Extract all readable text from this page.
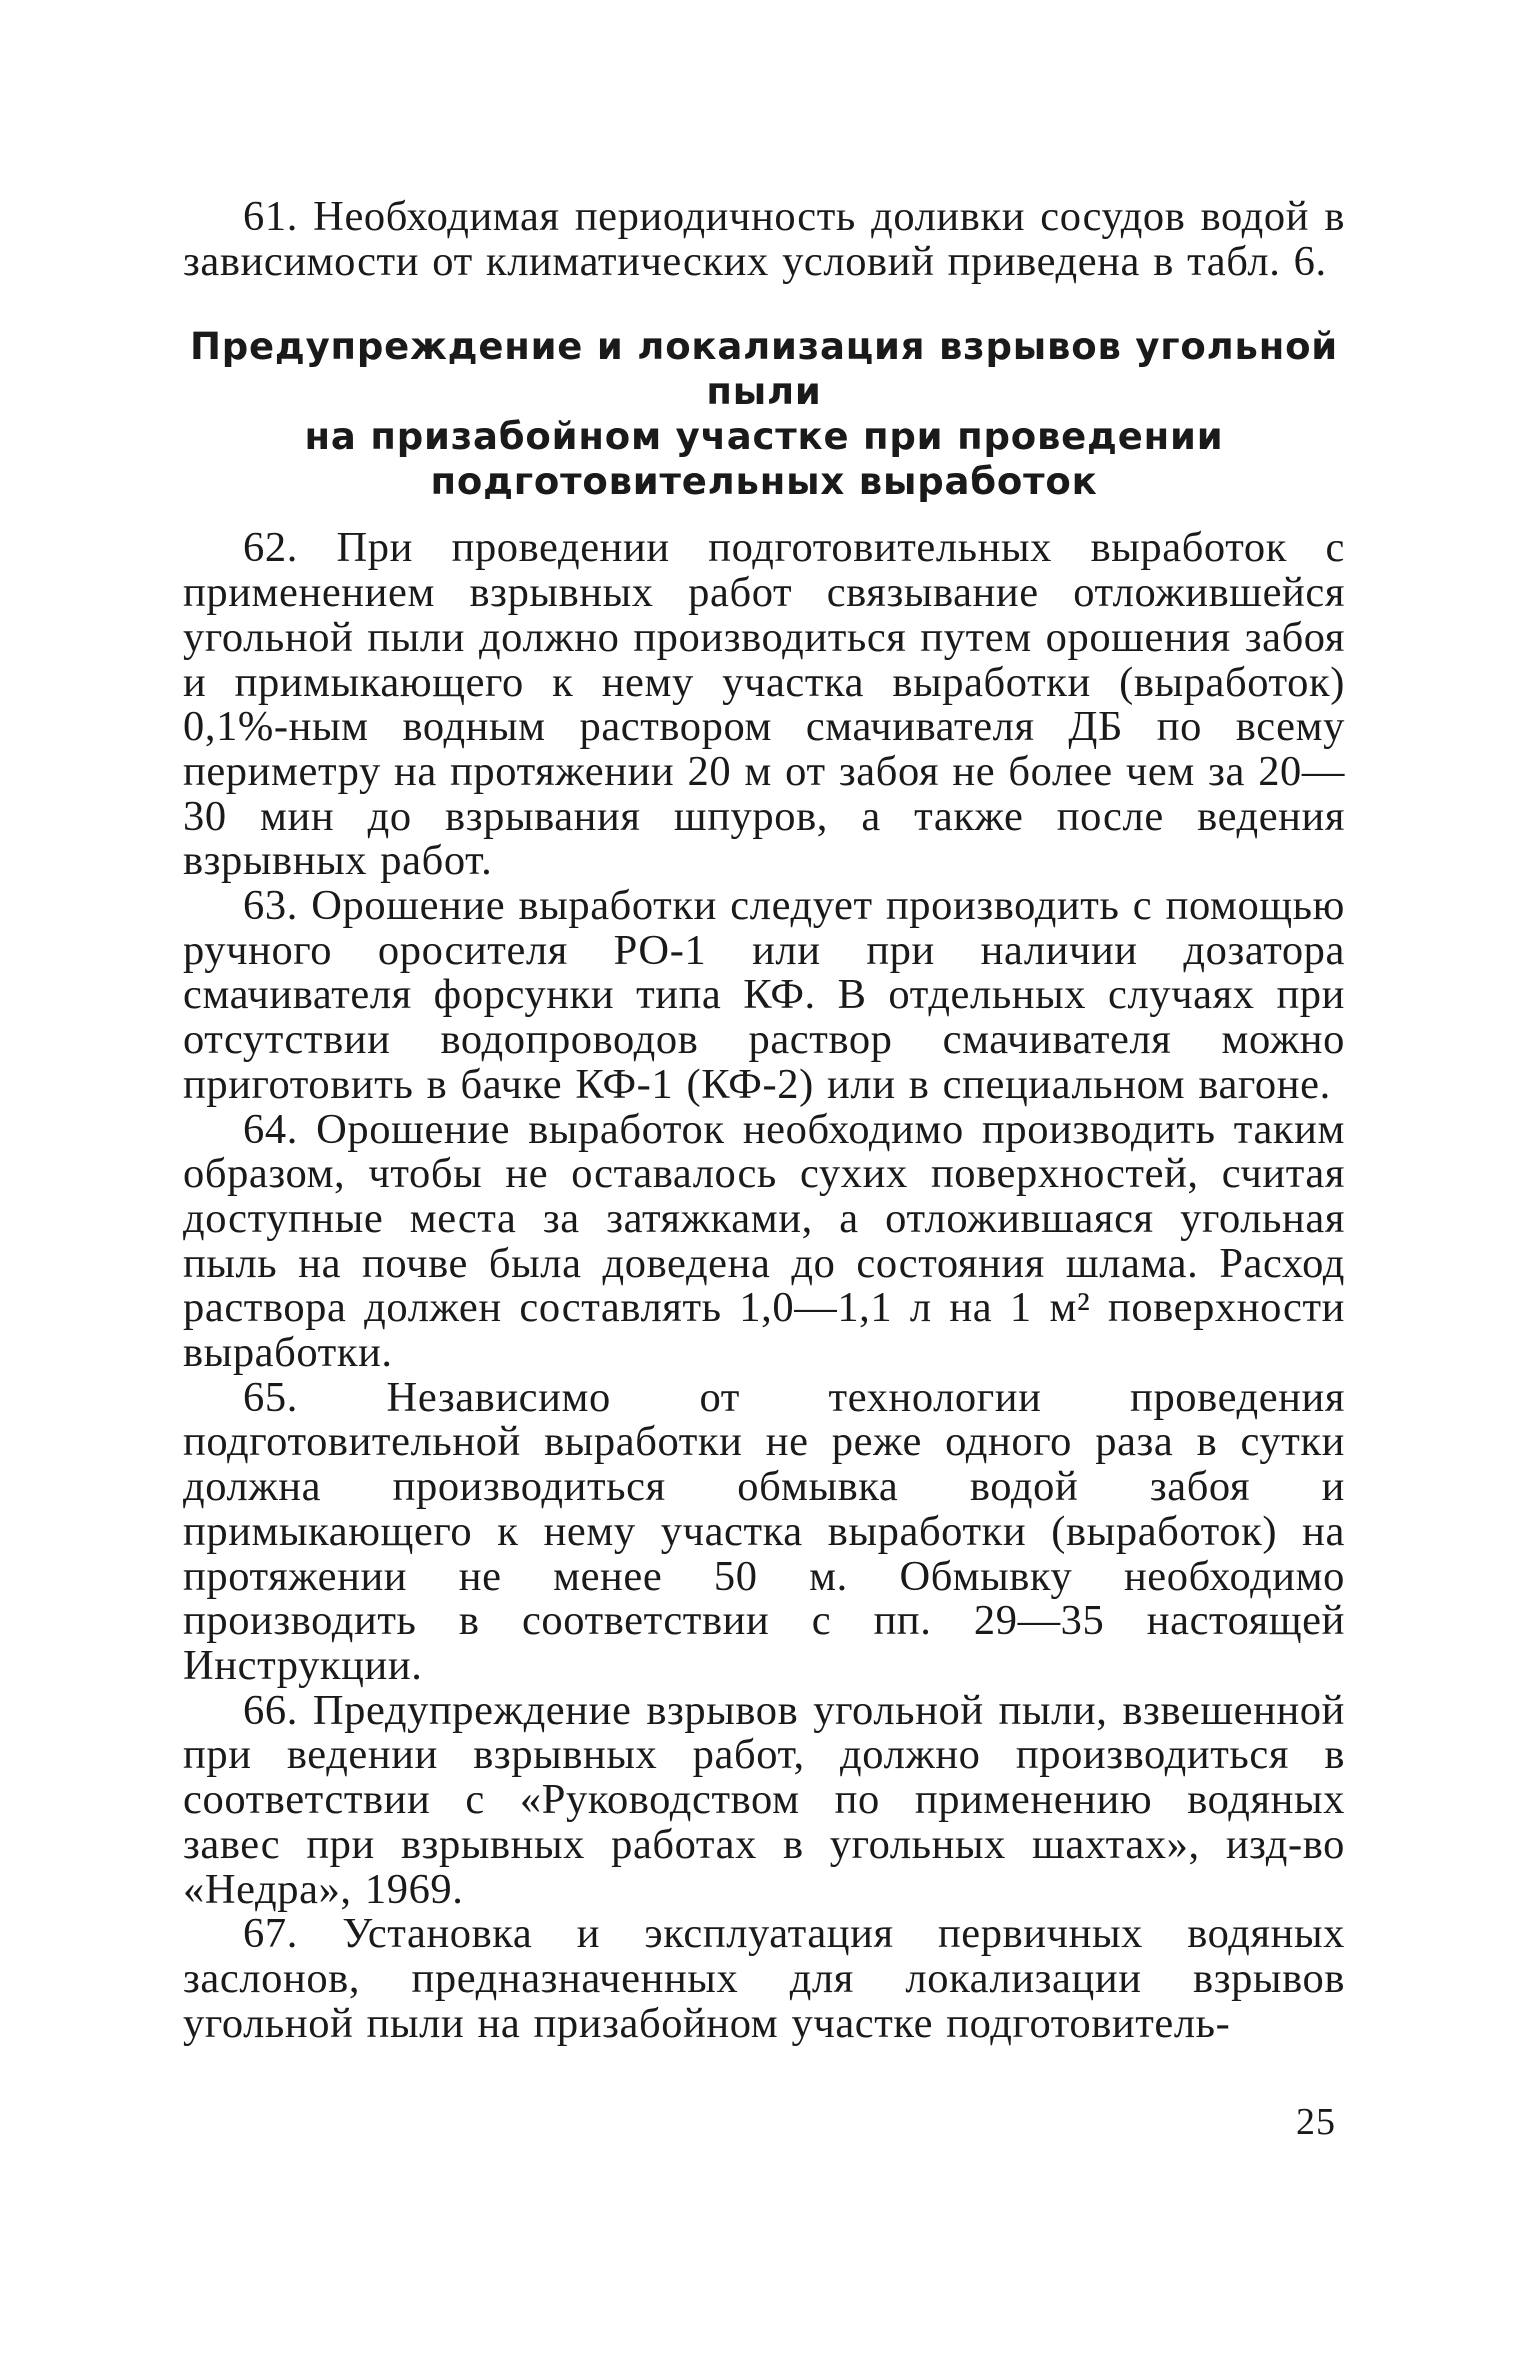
61. Необходимая периодичность доливки сосудов водой в зависимости от климатических условий приведена в табл. 6.

Предупреждение и локализация взрывов угольной пыли
на призабойном участке при проведении
подготовительных выработок

62. При проведении подготовительных выработок с применением взрывных работ связывание отложившейся угольной пыли должно производиться путем орошения забоя и примыкающего к нему участка выработки (выработок) 0,1%-ным водным раствором смачивателя ДБ по всему периметру на протяжении 20 м от забоя не более чем за 20—30 мин до взрывания шпуров, а также после ведения взрывных работ.

63. Орошение выработки следует производить с помощью ручного оросителя РО-1 или при наличии дозатора смачивателя форсунки типа КФ. В отдельных случаях при отсутствии водопроводов раствор смачивателя можно приготовить в бачке КФ-1 (КФ-2) или в специальном вагоне.

64. Орошение выработок необходимо производить таким образом, чтобы не оставалось сухих поверхностей, считая доступные места за затяжками, а отложившаяся угольная пыль на почве была доведена до состояния шлама. Расход раствора должен составлять 1,0—1,1 л на 1 м² поверхности выработки.

65. Независимо от технологии проведения подготовительной выработки не реже одного раза в сутки должна производиться обмывка водой забоя и примыкающего к нему участка выработки (выработок) на протяжении не менее 50 м. Обмывку необходимо производить в соответствии с пп. 29—35 настоящей Инструкции.

66. Предупреждение взрывов угольной пыли, взвешенной при ведении взрывных работ, должно производиться в соответствии с «Руководством по применению водяных завес при взрывных работах в угольных шахтах», изд-во «Недра», 1969.

67. Установка и эксплуатация первичных водяных заслонов, предназначенных для локализации взрывов угольной пыли на призабойном участке подготовитель-

25
